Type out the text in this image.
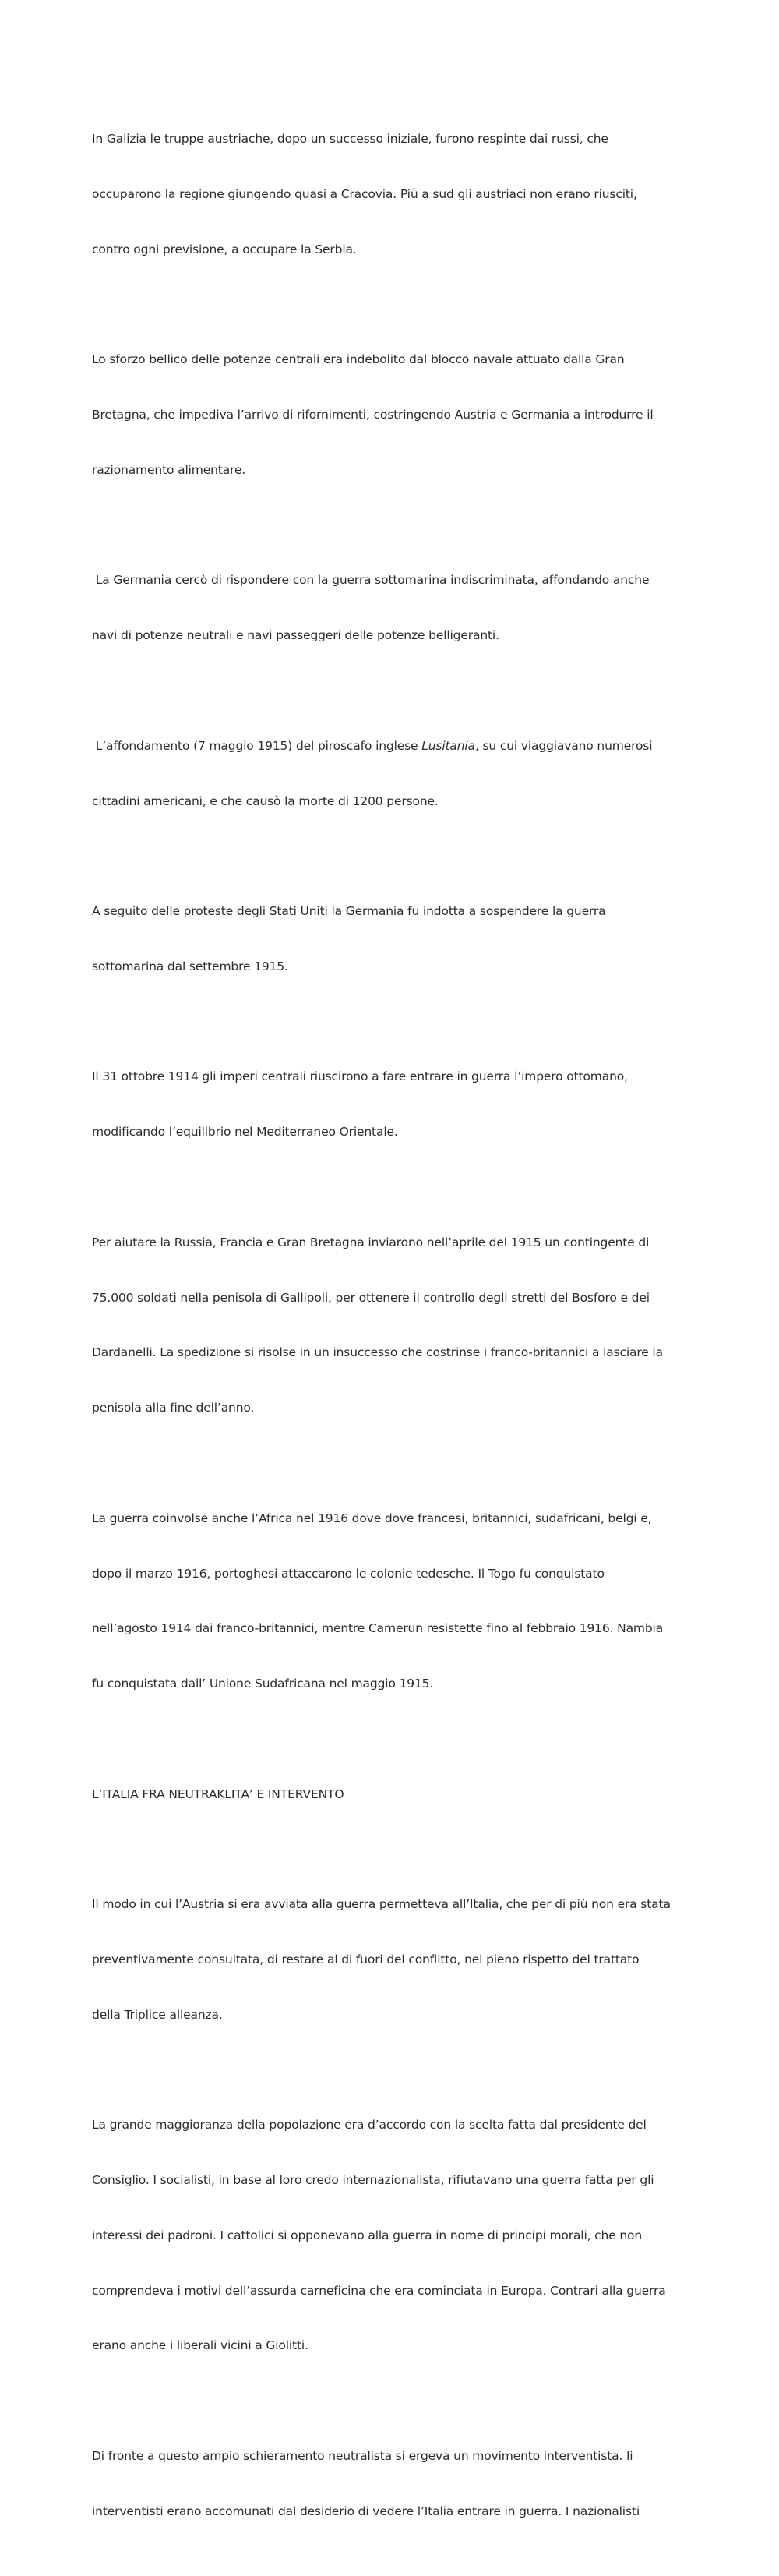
In Galizia le truppe austriache, dopo un successo iniziale, furono respinte dai russi, che

occuparono la regione giungendo quasi a Cracovia. Più a sud gli austriaci non erano riusciti,

contro ogni previsione, a occupare la Serbia.

Lo sforzo bellico delle potenze centrali era indebolito dal blocco navale attuato dalla Gran

Bretagna, che impediva l’arrivo di rifornimenti, costringendo Austria e Germania a introdurre il

razionamento alimentare.

La Germania cercò di rispondere con la guerra sottomarina indiscriminata, affondando anche

navi di potenze neutrali e navi passeggeri delle potenze belligeranti.

L’affondamento (7 maggio 1915) del piroscafo inglese Lusitania, su cui viaggiavano numerosi

cittadini americani, e che causò la morte di 1200 persone.

A seguito delle proteste degli Stati Uniti la Germania fu indotta a sospendere la guerra

sottomarina dal settembre 1915.

Il 31 ottobre 1914 gli imperi centrali riuscirono a fare entrare in guerra l’impero ottomano,

modificando l’equilibrio nel Mediterraneo Orientale.

Per aiutare la Russia, Francia e Gran Bretagna inviarono nell’aprile del 1915 un contingente di

75.000 soldati nella penisola di Gallipoli, per ottenere il controllo degli stretti del Bosforo e dei

Dardanelli. La spedizione si risolse in un insuccesso che costrinse i franco-britannici a lasciare la

penisola alla fine dell’anno.

La guerra coinvolse anche l’Africa nel 1916 dove dove francesi, britannici, sudafricani, belgi e,

dopo il marzo 1916, portoghesi attaccarono le colonie tedesche. Il Togo fu conquistato

nell’agosto 1914 dai franco-britannici, mentre Camerun resistette fino al febbraio 1916. Nambia

fu conquistata dall’ Unione Sudafricana nel maggio 1915.

L’ITALIA FRA NEUTRAKLITA’ E INTERVENTO

Il modo in cui l’Austria si era avviata alla guerra permetteva all’Italia, che per di più non era stata

preventivamente consultata, di restare al di fuori del conflitto, nel pieno rispetto del trattato

della Triplice alleanza.

La grande maggioranza della popolazione era d’accordo con la scelta fatta dal presidente del

Consiglio. I socialisti, in base al loro credo internazionalista, rifiutavano una guerra fatta per gli

interessi dei padroni. I cattolici si opponevano alla guerra in nome di principi morali, che non

comprendeva i motivi dell’assurda carneficina che era cominciata in Europa. Contrari alla guerra

erano anche i liberali vicini a Giolitti.

Di fronte a questo ampio schieramento neutralista si ergeva un movimento interventista. li

interventisti erano accomunati dal desiderio di vedere l’Italia entrare in guerra. I nazionalisti
